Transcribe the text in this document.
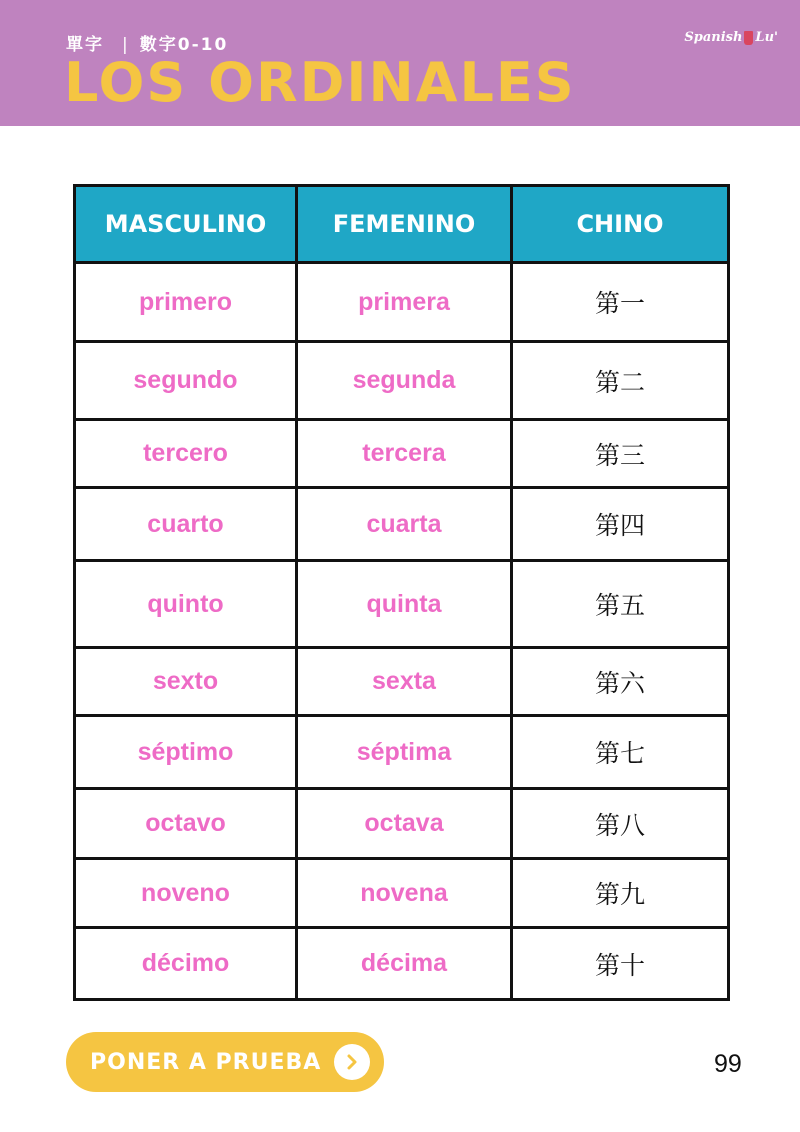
單字 | 數字0-10
LOS ORDINALES
Spanish Lu'
MASCULINO	FEMENINO	CHINO
primero	primera	第一
segundo	segunda	第二
tercero	tercera	第三
cuarto	cuarta	第四
quinto	quinta	第五
sexto	sexta	第六
séptimo	séptima	第七
octavo	octava	第八
noveno	novena	第九
décimo	décima	第十
PONER A PRUEBA	99
